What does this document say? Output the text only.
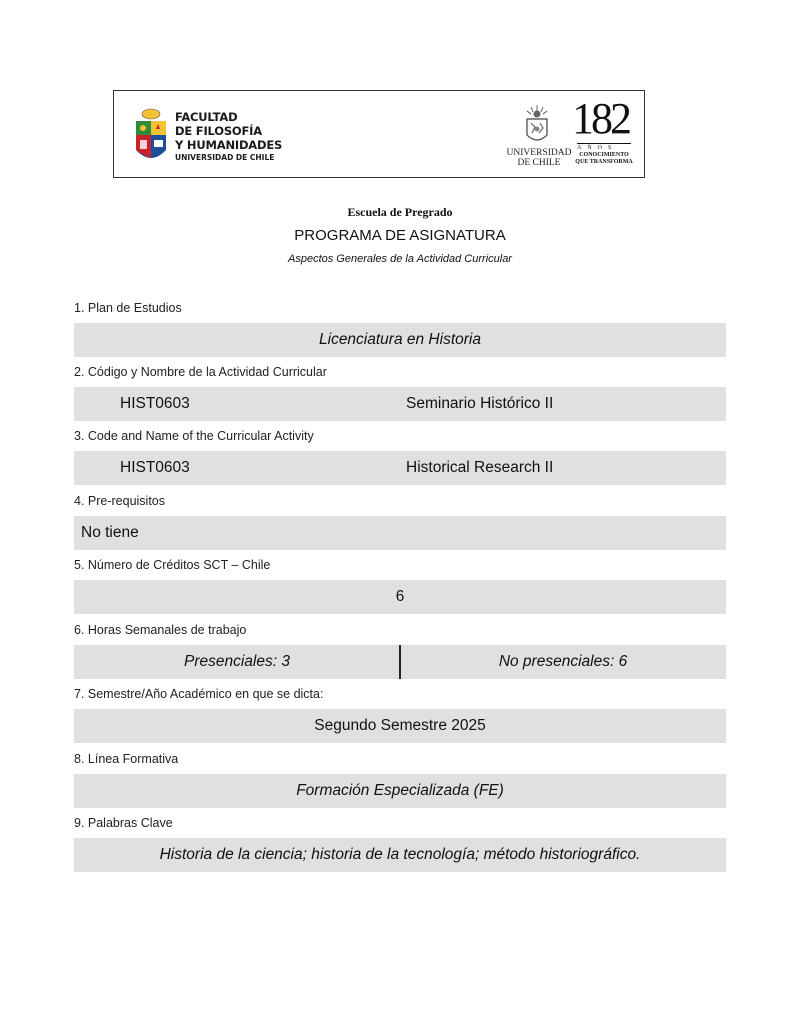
FACULTAD
DE FILOSOFÍA
Y HUMANIDADES
UNIVERSIDAD DE CHILE	UNIVERSIDAD
DE CHILE
182
AÑOS
CONOCIMIENTO
QUE TRANSFORMA
Escuela de Pregrado
PROGRAMA DE ASIGNATURA
Aspectos Generales de la Actividad Curricular
1. Plan de Estudios
Licenciatura en Historia
2. Código y Nombre de la Actividad Curricular
HIST0603	Seminario Histórico II
3. Code and Name of the Curricular Activity
HIST0603	Historical Research II
4. Pre-requisitos
No tiene
5. Número de Créditos SCT – Chile
6
6. Horas Semanales de trabajo
Presenciales: 3	No presenciales: 6
7. Semestre/Año Académico en que se dicta:
Segundo Semestre 2025
8. Línea Formativa
Formación Especializada (FE)
9. Palabras Clave
Historia de la ciencia; historia de la tecnología; método historiográfico.
